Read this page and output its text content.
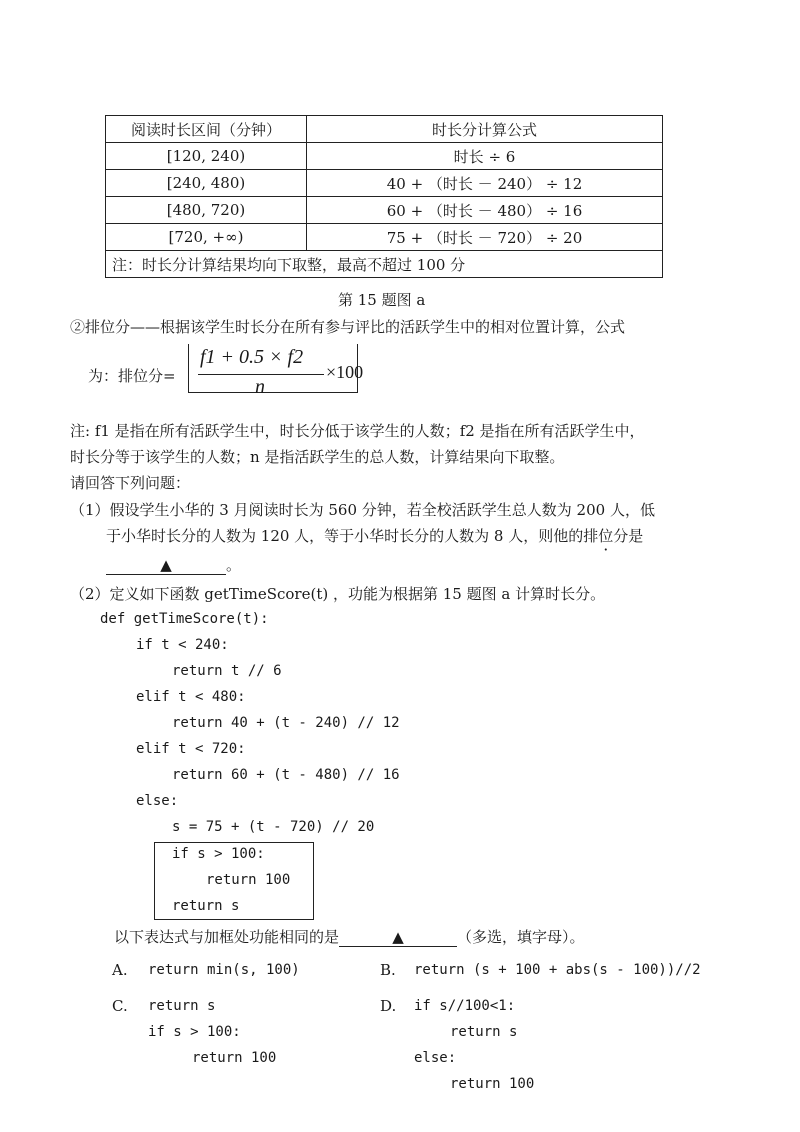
阅读时长区间（分钟）	时长分计算公式
[120, 240)	时长 ÷ 6
[240, 480)	40 + （时长 － 240） ÷ 12
[480, 720)	60 + （时长 － 480） ÷ 16
[720, +∞)	75 + （时长 － 720） ÷ 20
注：时长分计算结果均向下取整，最高不超过 100 分	
第 15 题图 a
②排位分——根据该学生时长分在所有参与评比的活跃学生中的相对位置计算，公式
为：排位分=
f1 + 0.5 × f2
n
×100
注: f1 是指在所有活跃学生中，时长分低于该学生的人数；f2 是指在所有活跃学生中，
时长分等于该学生的人数；n 是指活跃学生的总人数，计算结果向下取整。
请回答下列问题：
（1）假设学生小华的 3 月阅读时长为 560 分钟，若全校活跃学生总人数为 200 人，低
于小华时长分的人数为 120 人，等于小华时长分的人数为 8 人，则他的排位分是
▲	。
（2）定义如下函数 getTimeScore(t) ，功能为根据第 15 题图 a 计算时长分。
def getTimeScore(t):
if t < 240:
return t // 6
elif t < 480:
return 40 + (t - 240) // 12
elif t < 720:
return 60 + (t - 480) // 16
else:
s = 75 + (t - 720) // 20
if s > 100:
return 100
return s
以下表达式与加框处功能相同的是	▲	（多选，填字母）。
A. return min(s, 100)	B. return (s + 100 + abs(s - 100))//2
C. return s
if s > 100:
return 100
D. if s//100<1:
return s
else:
return 100
